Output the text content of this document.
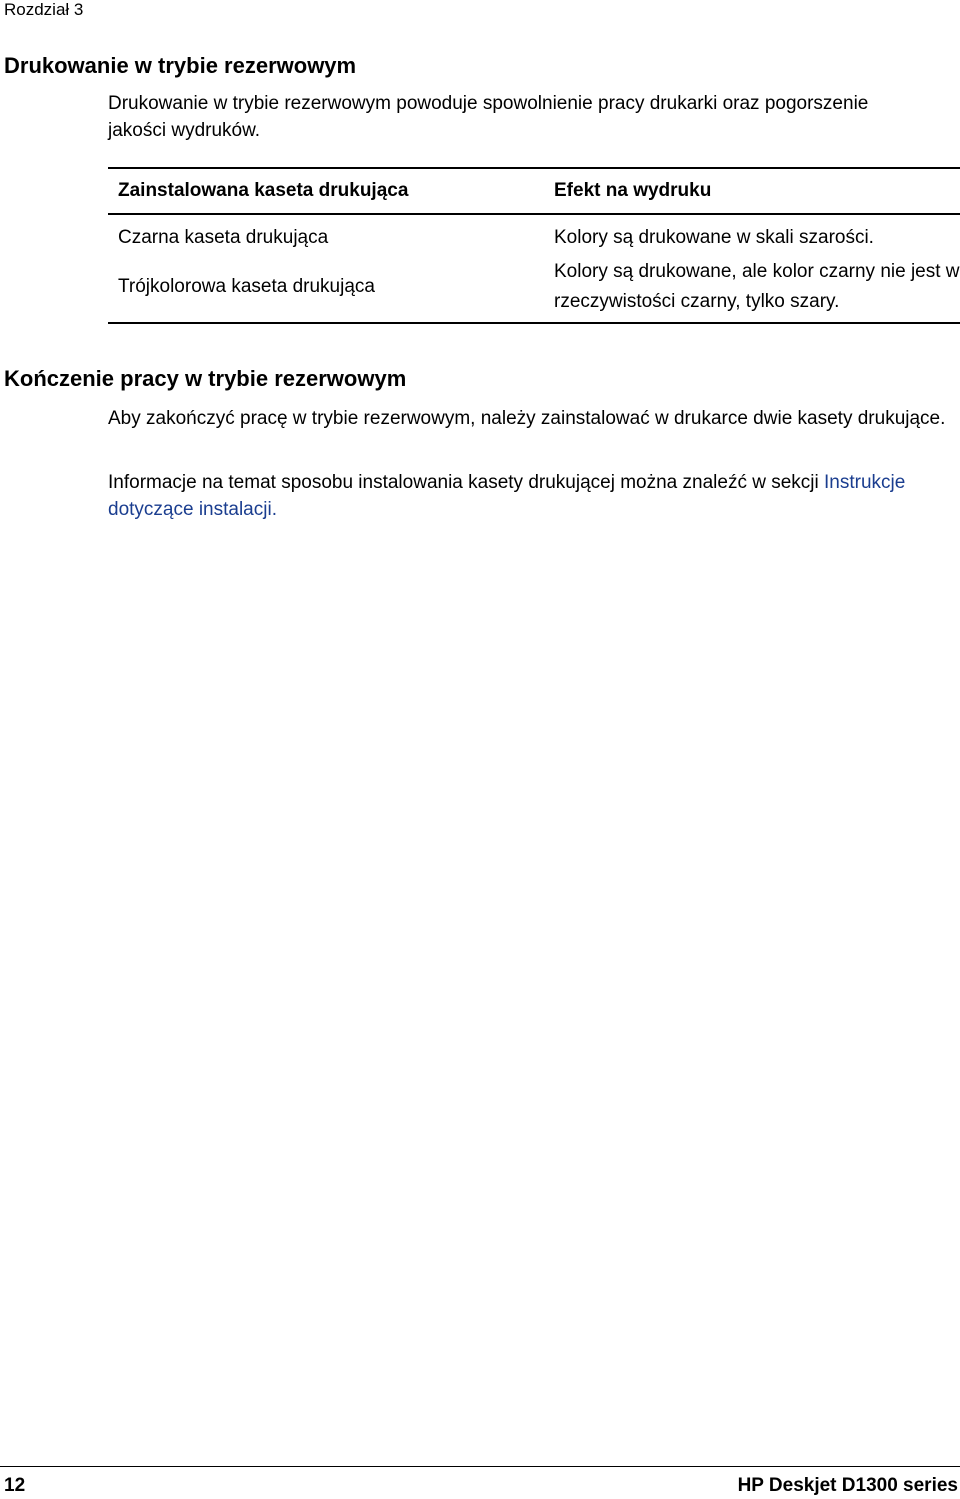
Rozdział 3
Drukowanie w trybie rezerwowym

Drukowanie w trybie rezerwowym powoduje spowolnienie pracy drukarki oraz pogorszenie jakości wydruków.

Zainstalowana kaseta drukująca	Efekt na wydruku
Czarna kaseta drukująca	Kolory są drukowane w skali szarości.
Trójkolorowa kaseta drukująca	Kolory są drukowane, ale kolor czarny nie jest w rzeczywistości czarny, tylko szary.
Kończenie pracy w trybie rezerwowym

Aby zakończyć pracę w trybie rezerwowym, należy zainstalować w drukarce dwie kasety drukujące.

Informacje na temat sposobu instalowania kasety drukującej można znaleźć w sekcji Instrukcje dotyczące instalacji.

12	HP Deskjet D1300 series
